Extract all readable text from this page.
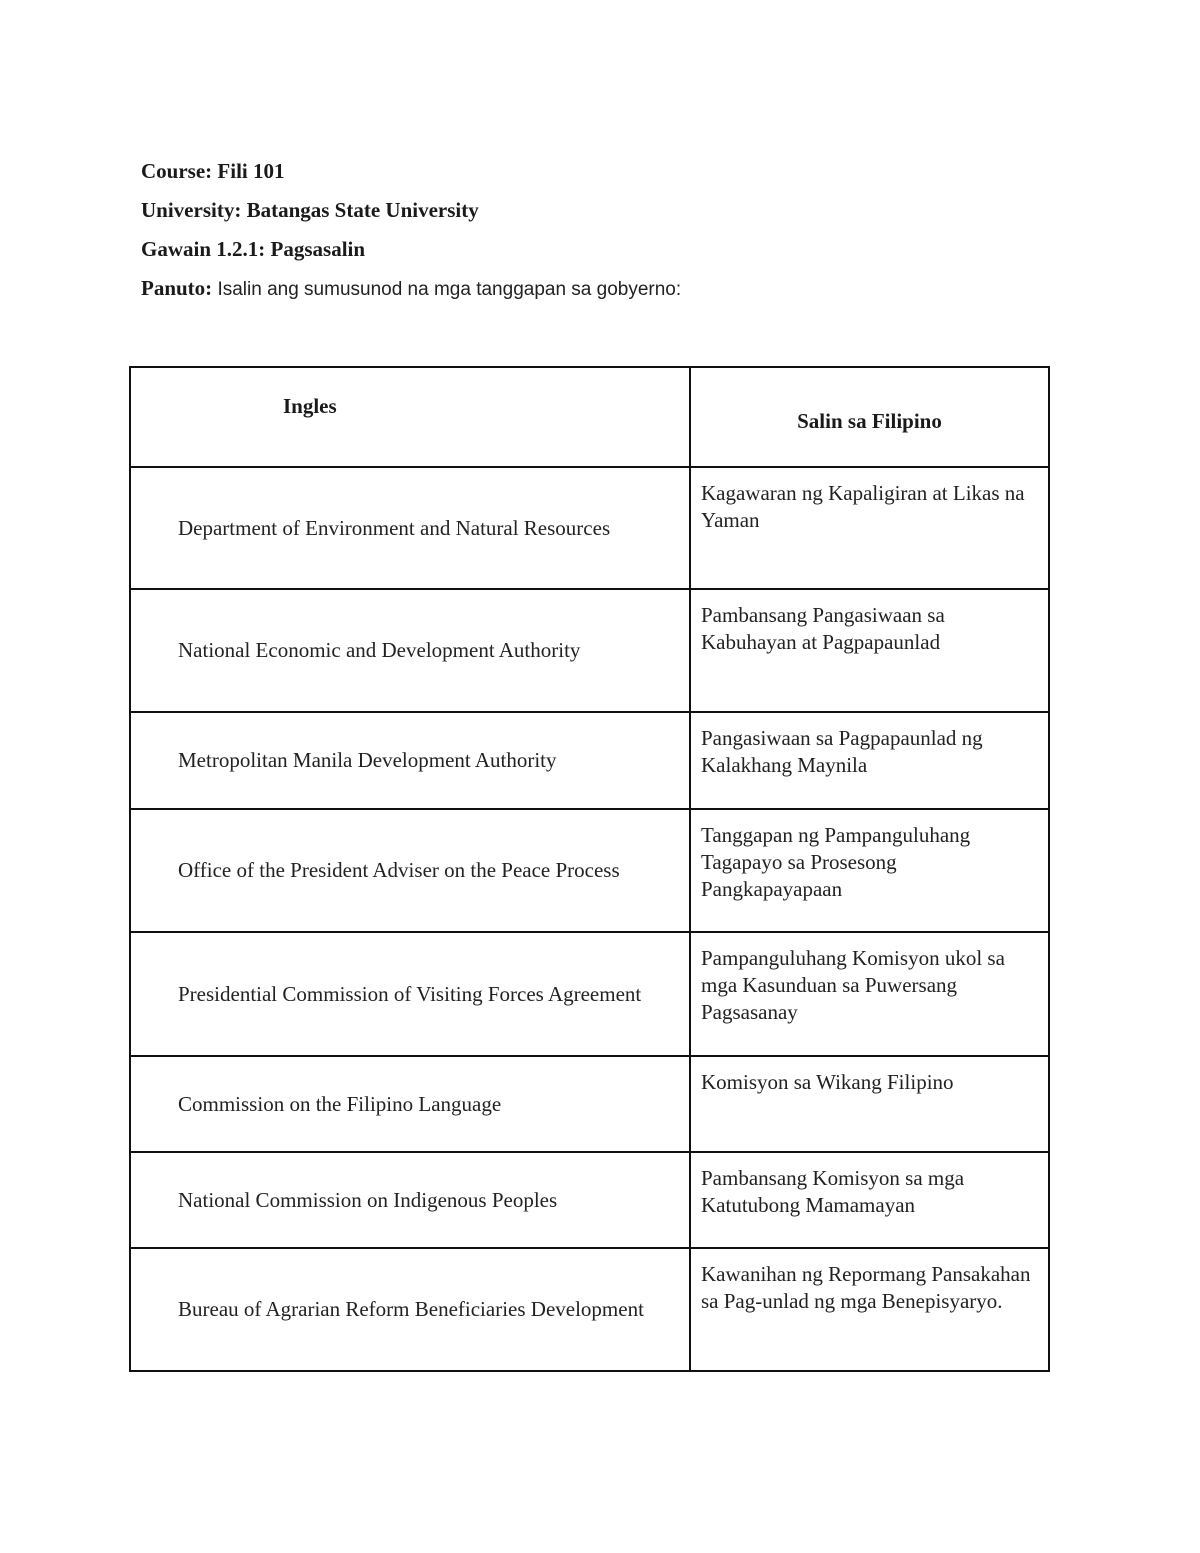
Course: Fili 101
University: Batangas State University
Gawain 1.2.1: Pagsasalin
Panuto: Isalin ang sumusunod na mga tanggapan sa gobyerno:
Ingles	Salin sa Filipino
Department of Environment and Natural Resources	Kagawaran ng Kapaligiran at Likas na Yaman
National Economic and Development Authority	Pambansang Pangasiwaan sa Kabuhayan at Pagpapaunlad
Metropolitan Manila Development Authority	Pangasiwaan sa Pagpapaunlad ng Kalakhang Maynila
Office of the President Adviser on the Peace Process	Tanggapan ng Pampanguluhang Tagapayo sa Prosesong Pangkapayapaan
Presidential Commission of Visiting Forces Agreement	Pampanguluhang Komisyon ukol sa mga Kasunduan sa Puwersang Pagsasanay
Commission on the Filipino Language	Komisyon sa Wikang Filipino
National Commission on Indigenous Peoples	Pambansang Komisyon sa mga Katutubong Mamamayan
Bureau of Agrarian Reform Beneficiaries Development	Kawanihan ng Repormang Pansakahan sa Pag-unlad ng mga Benepisyaryo.
